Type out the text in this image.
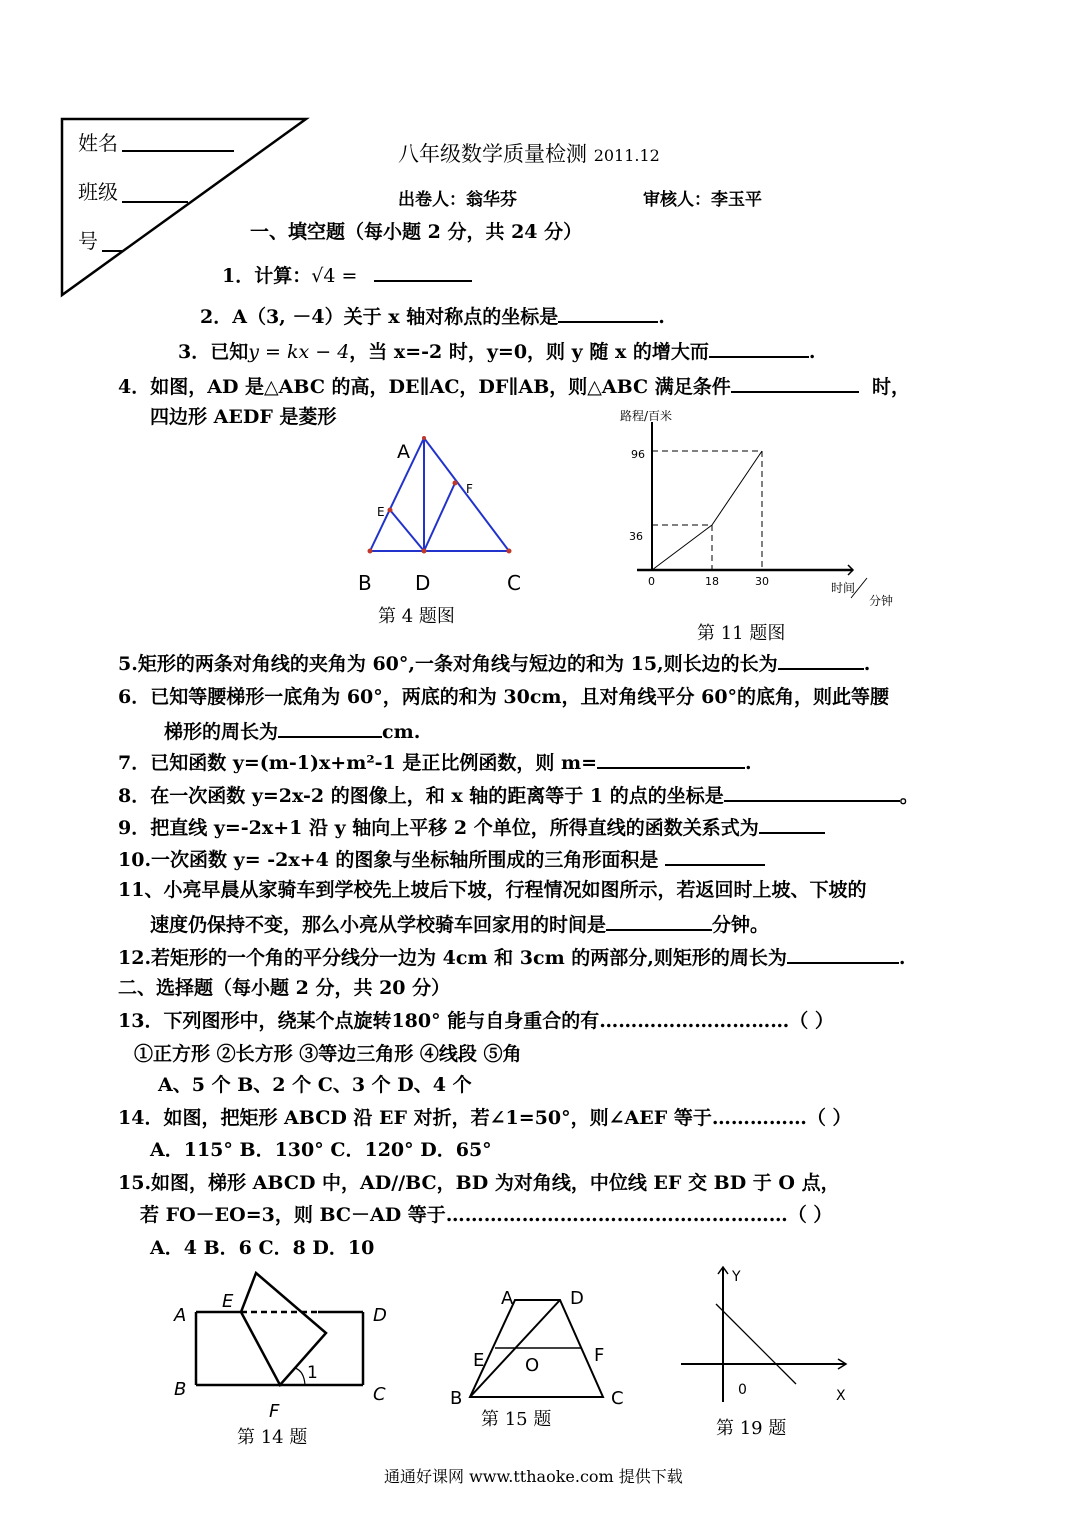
姓名
班级
号
八年级数学质量检测 2011.12
出卷人：翁华芬	审核人：李玉平
一、填空题（每小题 2 分，共 24 分）
1．计算：√4 =
2．A（3, －4）关于 x 轴对称点的坐标是	.
3．已知y = kx − 4，当 x=-2 时，y=0，则 y 随 x 的增大而	.
4．如图，AD 是△ABC 的高，DE∥AC，DF∥AB，则△ABC 满足条件	时，
四边形 AEDF 是菱形
A
E
F
B D	C
第 4 题图
路程/百米
96
36
0	18	30	时间
分钟
第 11 题图
5.矩形的两条对角线的夹角为 60°,一条对角线与短边的和为 15,则长边的长为	.
6．已知等腰梯形一底角为 60°，两底的和为 30cm，且对角线平分 60°的底角，则此等腰
梯形的周长为	cm.
7．已知函数 y=(m-1)x+m²-1 是正比例函数，则 m=	.
8．在一次函数 y=2x-2 的图像上，和 x 轴的距离等于 1 的点的坐标是	。
9．把直线 y=-2x+1 沿 y 轴向上平移 2 个单位，所得直线的函数关系式为
10.一次函数 y= -2x+4 的图象与坐标轴所围成的三角形面积是
11、小亮早晨从家骑车到学校先上坡后下坡，行程情况如图所示，若返回时上坡、下坡的
速度仍保持不变，那么小亮从学校骑车回家用的时间是	分钟。
12.若矩形的一个角的平分线分一边为 4cm 和 3cm 的两部分,则矩形的周长为	.
二、选择题（每小题 2 分，共 20 分）
13．下列图形中，绕某个点旋转180° 能与自身重合的有…………………………（ ）
①正方形 ②长方形 ③等边三角形 ④线段 ⑤角
A、5 个 B、2 个 C、3 个 D、4 个
14．如图，把矩形 ABCD 沿 EF 对折，若∠1=50°，则∠AEF 等于……………（ ）
A．115° B．130° C．120° D．65°
15.如图，梯形 ABCD 中，AD//BC，BD 为对角线，中位线 EF 交 BD 于 O 点，
若 FO－EO=3，则 BC－AD 等于………………………………………………（ ）
A．4 B．6 C．8 D．10
A
E
D
B	C
F
1
第 14 题
A	D
E O	F
B	C
第 15 题
Y
0	X
第 19 题
通通好课网 www.tthaoke.com 提供下载
